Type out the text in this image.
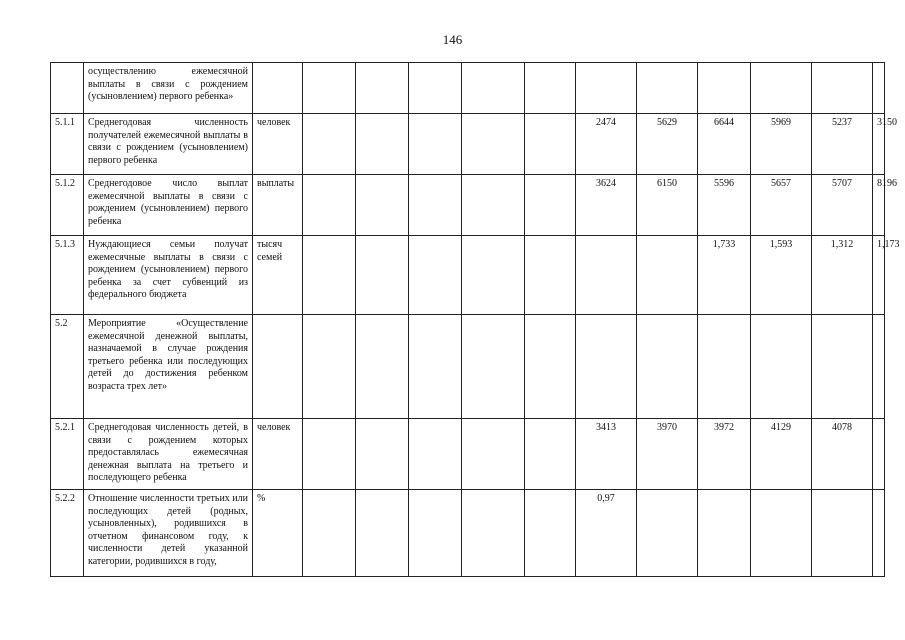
146
	осуществлению ежемесячной выплаты в связи с рождением (усыновлением) первого ребенка»												
5.1.1	Среднегодовая численность получателей ежемесячной выплаты в связи с рождением (усыновлением) первого ребенка	человек						2474	5629	6644	5969	5237	3150
5.1.2	Среднегодовое число выплат ежемесячной выплаты в связи с рождением (усыновлением) первого ребенка	выплаты						3624	6150	5596	5657	5707	8196
5.1.3	Нуждающиеся семьи получат ежемесячные выплаты в связи с рождением (усыновлением) первого ребенка за счет субвенций из федерального бюджета	тысяч семей								1,733	1,593	1,312	1,173
5.2	Мероприятие «Осуществление ежемесячной денежной выплаты, назначаемой в случае рождения третьего ребенка или последующих детей до достижения ребенком возраста трех лет»												
5.2.1	Среднегодовая численность детей, в связи с рождением которых предоставлялась ежемесячная денежная выплата на третьего и последующего ребенка	человек						3413	3970	3972	4129	4078	
5.2.2	Отношение численности третьих или последующих детей (родных, усыновленных), родившихся в отчетном финансовом году, к численности детей указанной категории, родившихся в году,	%						0,97					
